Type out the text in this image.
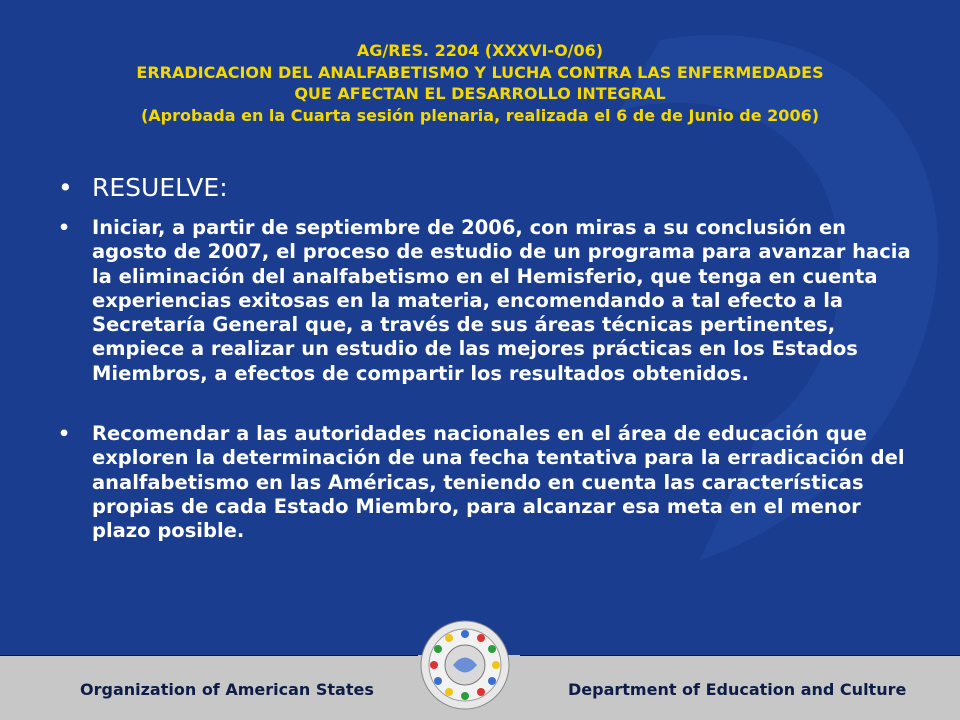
AG/RES. 2204 (XXXVI-O/06)
ERRADICACION DEL ANALFABETISMO Y LUCHA CONTRA LAS ENFERMEDADES
QUE AFECTAN EL DESARROLLO INTEGRAL
(Aprobada en la Cuarta sesión plenaria, realizada el 6 de de Junio de 2006)
• RESUELVE:
• Iniciar, a partir de septiembre de 2006, con miras a su conclusión en agosto de 2007, el proceso de estudio de un programa para avanzar hacia la eliminación del analfabetismo en el Hemisferio, que tenga en cuenta experiencias exitosas en la materia, encomendando a tal efecto a la Secretaría General que, a través de sus áreas técnicas pertinentes, empiece a realizar un estudio de las mejores prácticas en los Estados Miembros, a efectos de compartir los resultados obtenidos.
• Recomendar a las autoridades nacionales en el área de educación que exploren la determinación de una fecha tentativa para la erradicación del analfabetismo en las Américas, teniendo en cuenta las características propias de cada Estado Miembro, para alcanzar esa meta en el menor plazo posible.
Organization of American States	Department of Education and Culture
